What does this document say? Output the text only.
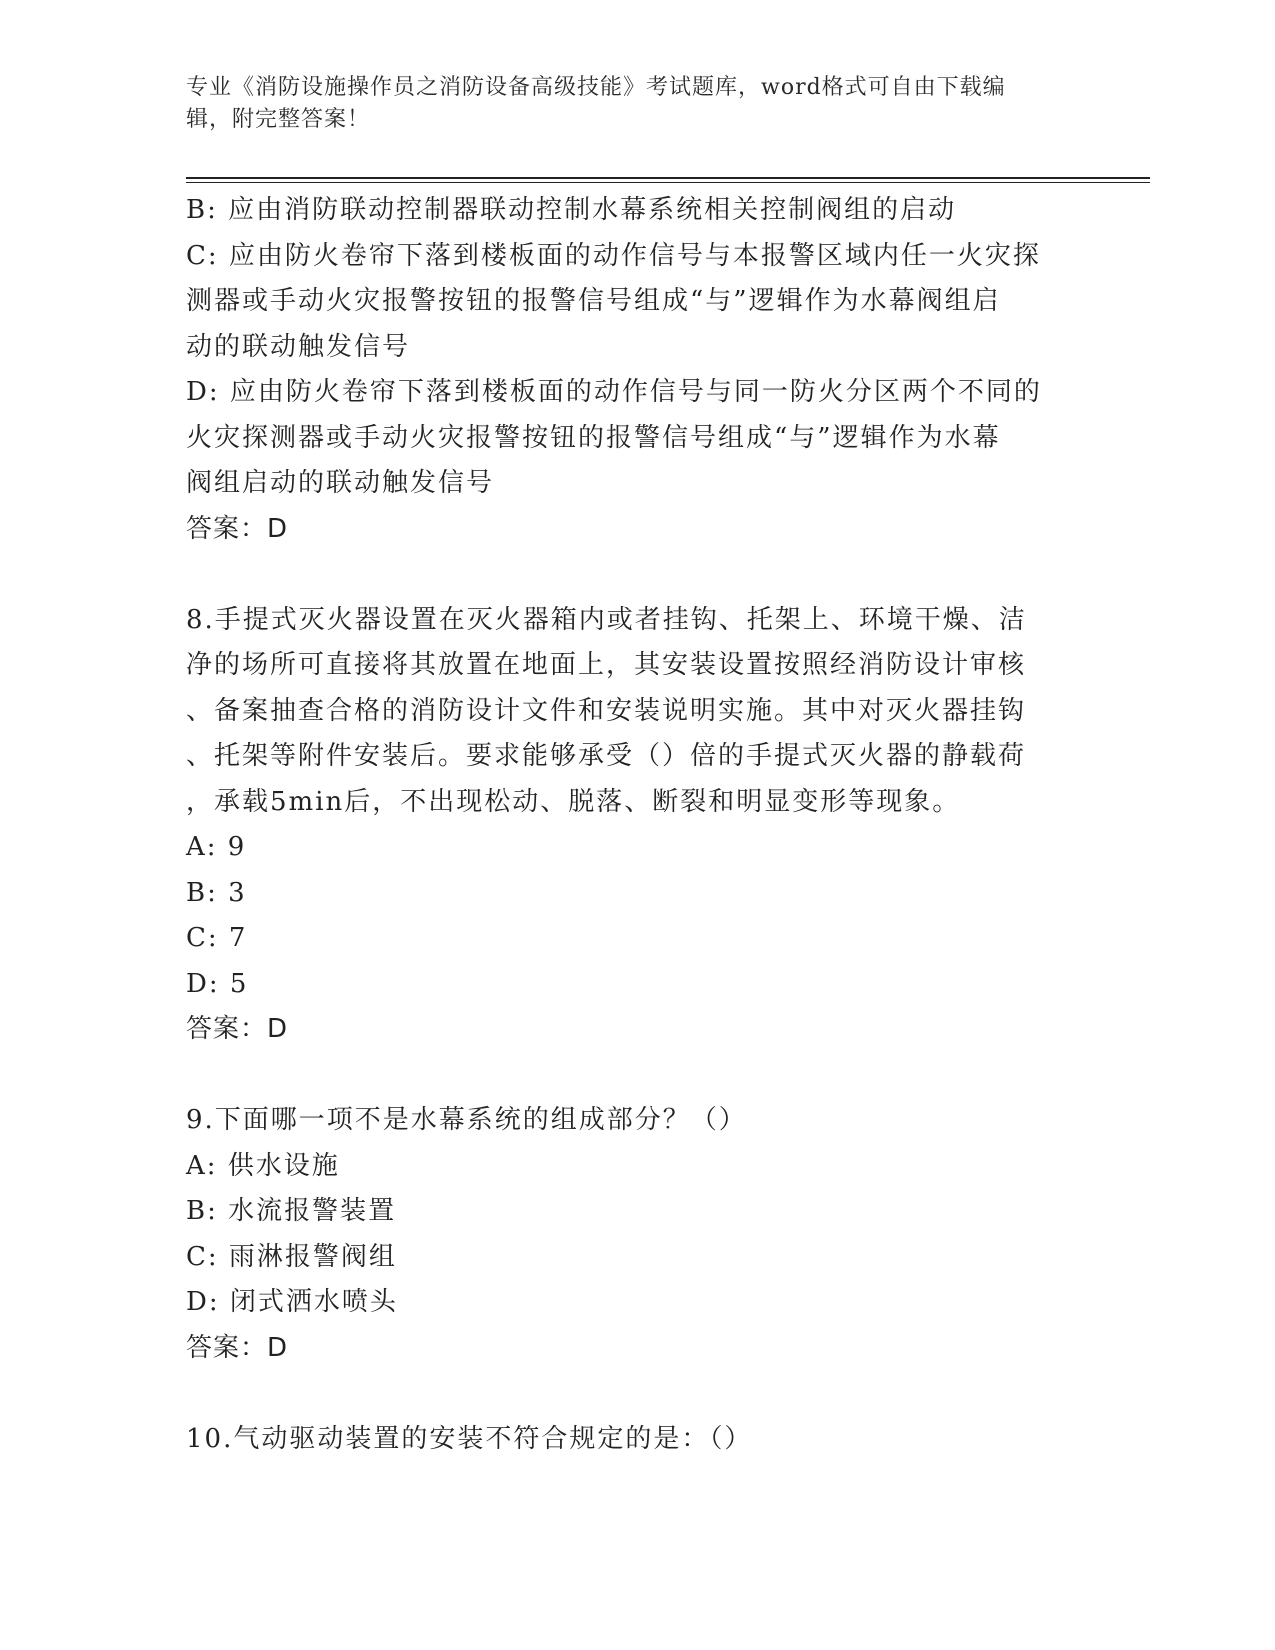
专业《消防设施操作员之消防设备高级技能》考试题库，word格式可自由下载编
辑，附完整答案！
B: 应由消防联动控制器联动控制水幕系统相关控制阀组的启动
C: 应由防火卷帘下落到楼板面的动作信号与本报警区域内任一火灾探
测器或手动火灾报警按钮的报警信号组成“与”逻辑作为水幕阀组启
动的联动触发信号
D: 应由防火卷帘下落到楼板面的动作信号与同一防火分区两个不同的
火灾探测器或手动火灾报警按钮的报警信号组成“与”逻辑作为水幕
阀组启动的联动触发信号
答案：D
8.手提式灭火器设置在灭火器箱内或者挂钩、托架上、环境干燥、洁
净的场所可直接将其放置在地面上，其安装设置按照经消防设计审核
、备案抽查合格的消防设计文件和安装说明实施。其中对灭火器挂钩
、托架等附件安装后。要求能够承受（）倍的手提式灭火器的静载荷
，承载5min后，不出现松动、脱落、断裂和明显变形等现象。
A: 9
B: 3
C: 7
D: 5
答案：D
9.下面哪一项不是水幕系统的组成部分？（）
A: 供水设施
B: 水流报警装置
C: 雨淋报警阀组
D: 闭式洒水喷头
答案：D
10.气动驱动装置的安装不符合规定的是：（）
